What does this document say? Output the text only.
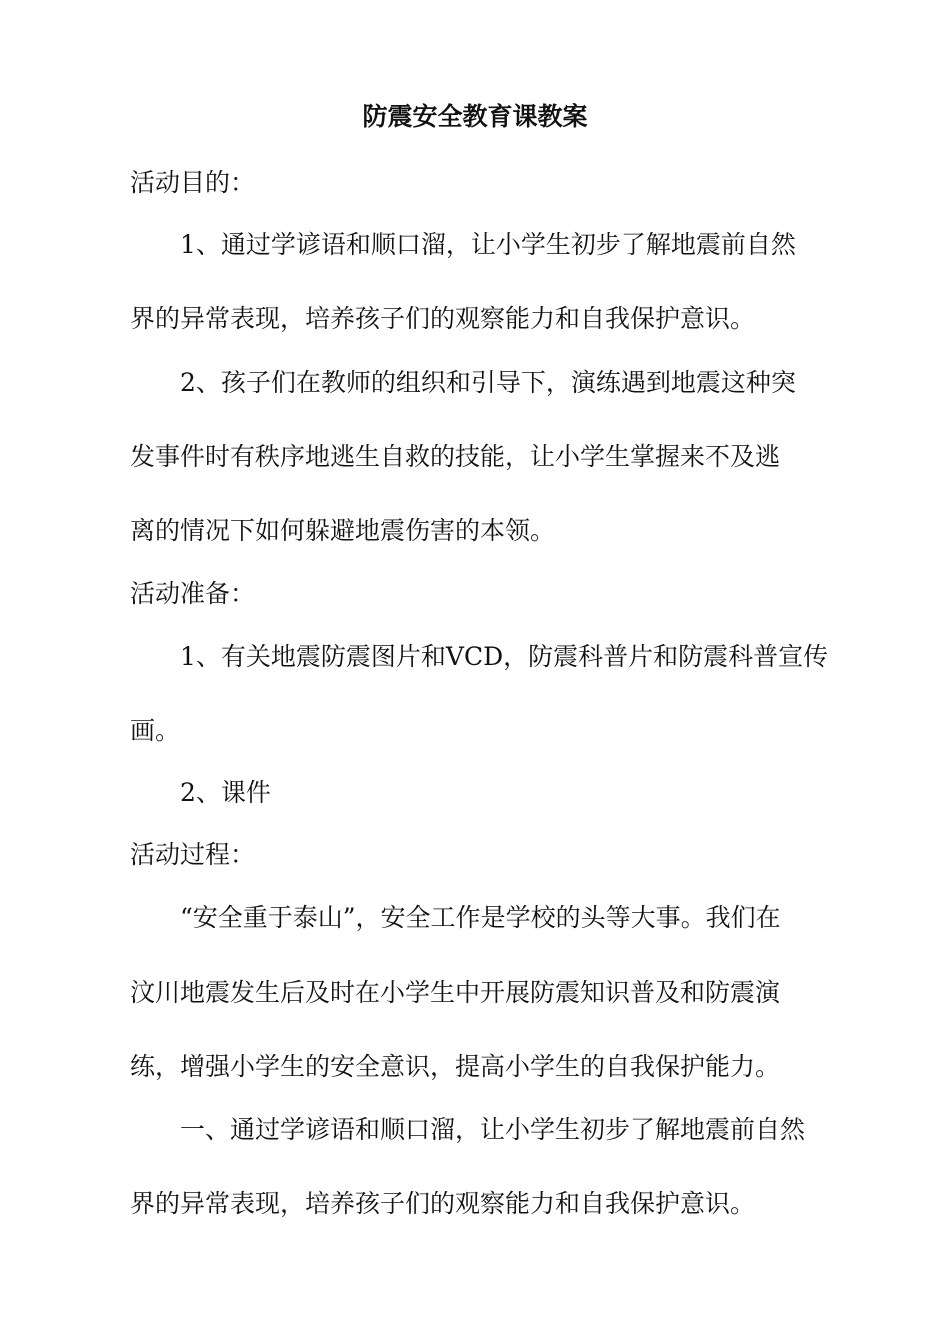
防震安全教育课教案
活动目的：
1、通过学谚语和顺口溜，让小学生初步了解地震前自然
界的异常表现，培养孩子们的观察能力和自我保护意识。
2、孩子们在教师的组织和引导下，演练遇到地震这种突
发事件时有秩序地逃生自救的技能，让小学生掌握来不及逃
离的情况下如何躲避地震伤害的本领。
活动准备：
1、有关地震防震图片和VCD，防震科普片和防震科普宣传
画。
2、课件
活动过程：
“安全重于泰山”，安全工作是学校的头等大事。我们在
汶川地震发生后及时在小学生中开展防震知识普及和防震演
练，增强小学生的安全意识，提高小学生的自我保护能力。
一、通过学谚语和顺口溜，让小学生初步了解地震前自然
界的异常表现，培养孩子们的观察能力和自我保护意识。
